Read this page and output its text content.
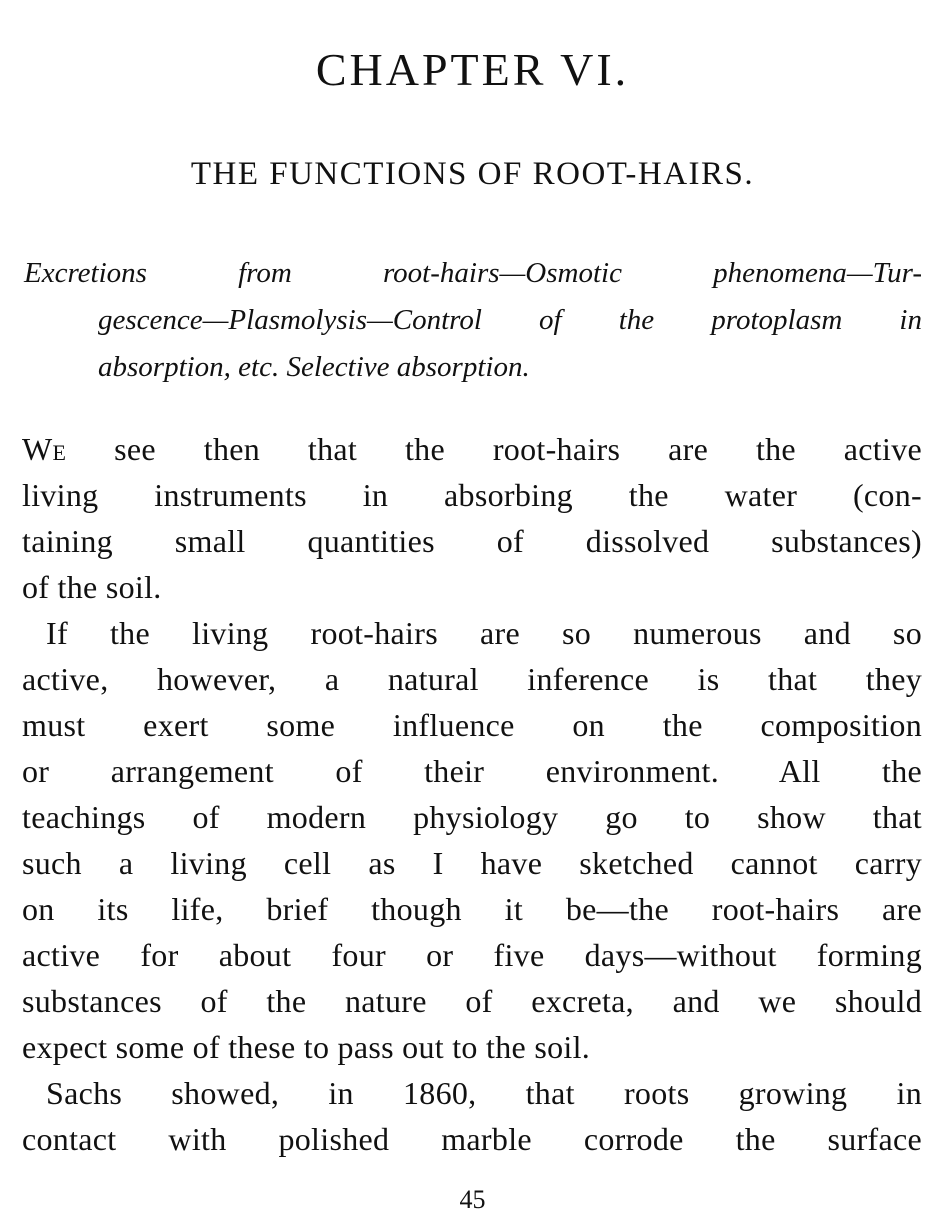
CHAPTER VI.
THE FUNCTIONS OF ROOT-HAIRS.
Excretions from root-hairs—Osmotic phenomena—Tur-
gescence—Plasmolysis—Control of the protoplasm in
absorption, etc. Selective absorption.
We see then that the root-hairs are the active
living instruments in absorbing the water (con-
taining small quantities of dissolved substances)
of the soil.
If the living root-hairs are so numerous and so
active, however, a natural inference is that they
must exert some influence on the composition
or arrangement of their environment. All the
teachings of modern physiology go to show that
such a living cell as I have sketched cannot carry
on its life, brief though it be—the root-hairs are
active for about four or five days—without forming
substances of the nature of excreta, and we should
expect some of these to pass out to the soil.
Sachs showed, in 1860, that roots growing in
contact with polished marble corrode the surface
45
